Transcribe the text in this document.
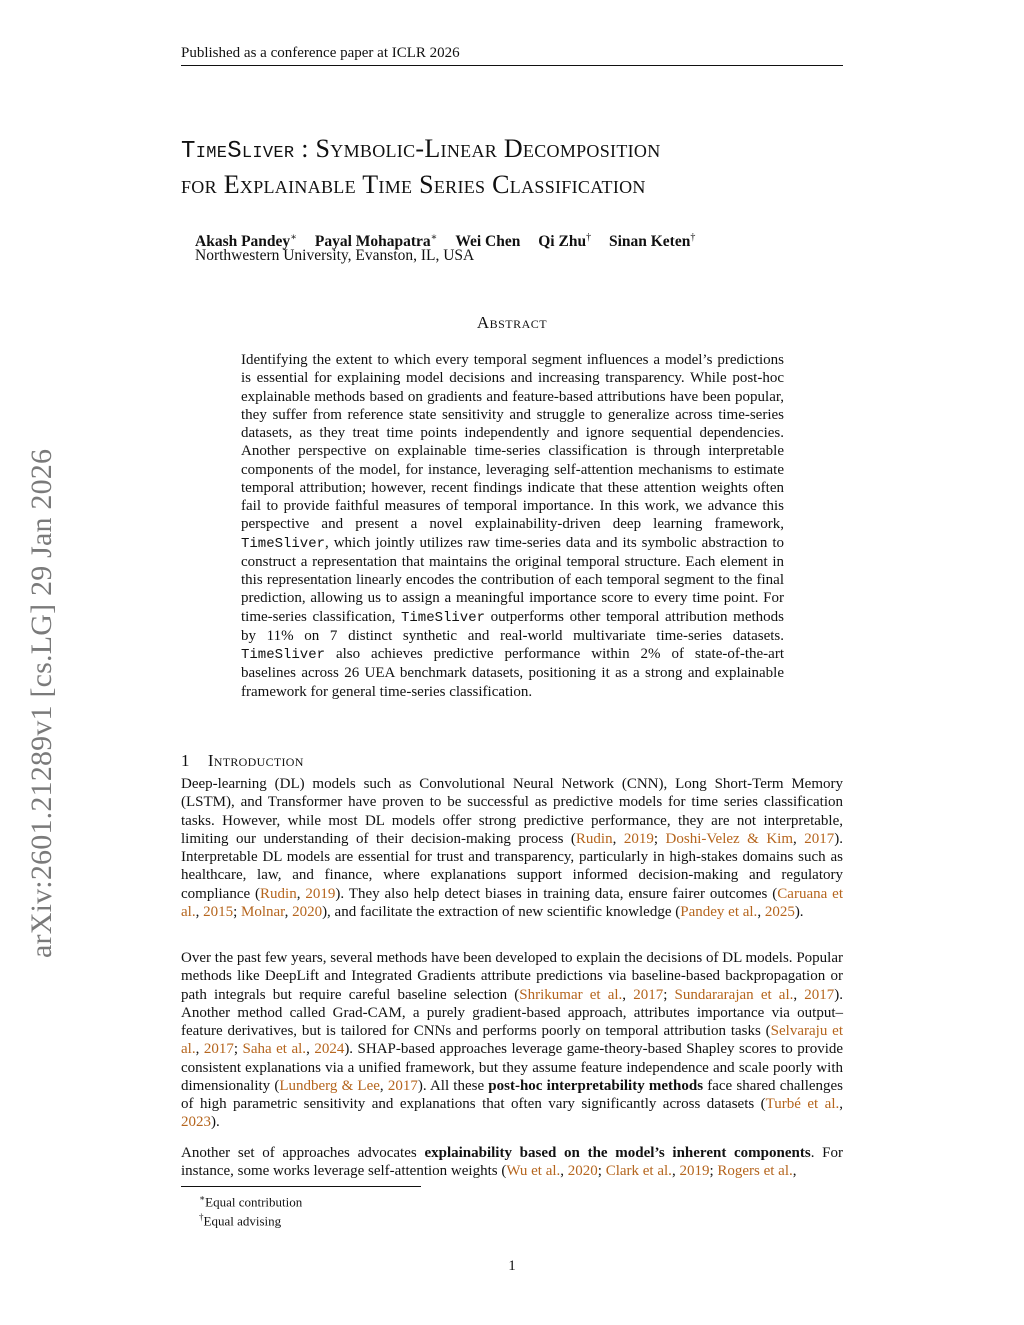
Published as a conference paper at ICLR 2026
arXiv:2601.21289v1 [cs.LG] 29 Jan 2026
TimeSliver : Symbolic-Linear Decomposition
for Explainable Time Series Classification
Akash Pandey∗ Payal Mohapatra∗ Wei Chen Qi Zhu† Sinan Keten†
Northwestern University, Evanston, IL, USA
Abstract
Identifying the extent to which every temporal segment influences a model’s predictions is essential for explaining model decisions and increasing transparency. While post-hoc explainable methods based on gradients and feature-based attributions have been popular, they suffer from reference state sensitivity and struggle to generalize across time-series datasets, as they treat time points independently and ignore sequential dependencies. Another perspective on explainable time-series classification is through interpretable components of the model, for instance, leveraging self-attention mechanisms to estimate temporal attribution; however, recent findings indicate that these attention weights often fail to provide faithful measures of temporal importance. In this work, we advance this perspective and present a novel explainability-driven deep learning framework, TimeSliver, which jointly utilizes raw time-series data and its symbolic abstraction to construct a representation that maintains the original temporal structure. Each element in this representation linearly encodes the contribution of each temporal segment to the final prediction, allowing us to assign a meaningful importance score to every time point. For time-series classification, TimeSliver outperforms other temporal attribution methods by 11% on 7 distinct synthetic and real-world multivariate time-series datasets. TimeSliver also achieves predictive performance within 2% of state-of-the-art baselines across 26 UEA benchmark datasets, positioning it as a strong and explainable framework for general time-series classification.
1 Introduction
Deep-learning (DL) models such as Convolutional Neural Network (CNN), Long Short-Term Memory (LSTM), and Transformer have proven to be successful as predictive models for time series classification tasks. However, while most DL models offer strong predictive performance, they are not interpretable, limiting our understanding of their decision-making process (Rudin, 2019; Doshi-Velez & Kim, 2017). Interpretable DL models are essential for trust and transparency, particularly in high-stakes domains such as healthcare, law, and finance, where explanations support informed decision-making and regulatory compliance (Rudin, 2019). They also help detect biases in training data, ensure fairer outcomes (Caruana et al., 2015; Molnar, 2020), and facilitate the extraction of new scientific knowledge (Pandey et al., 2025).
Over the past few years, several methods have been developed to explain the decisions of DL models. Popular methods like DeepLift and Integrated Gradients attribute predictions via baseline-based backpropagation or path integrals but require careful baseline selection (Shrikumar et al., 2017; Sundararajan et al., 2017). Another method called Grad-CAM, a purely gradient-based approach, attributes importance via output–feature derivatives, but is tailored for CNNs and performs poorly on temporal attribution tasks (Selvaraju et al., 2017; Saha et al., 2024). SHAP-based approaches leverage game-theory-based Shapley scores to provide consistent explanations via a unified framework, but they assume feature independence and scale poorly with dimensionality (Lundberg & Lee, 2017). All these post-hoc interpretability methods face shared challenges of high parametric sensitivity and explanations that often vary significantly across datasets (Turbé et al., 2023).
Another set of approaches advocates explainability based on the model’s inherent components. For instance, some works leverage self-attention weights (Wu et al., 2020; Clark et al., 2019; Rogers et al.,
∗Equal contribution
†Equal advising
1
